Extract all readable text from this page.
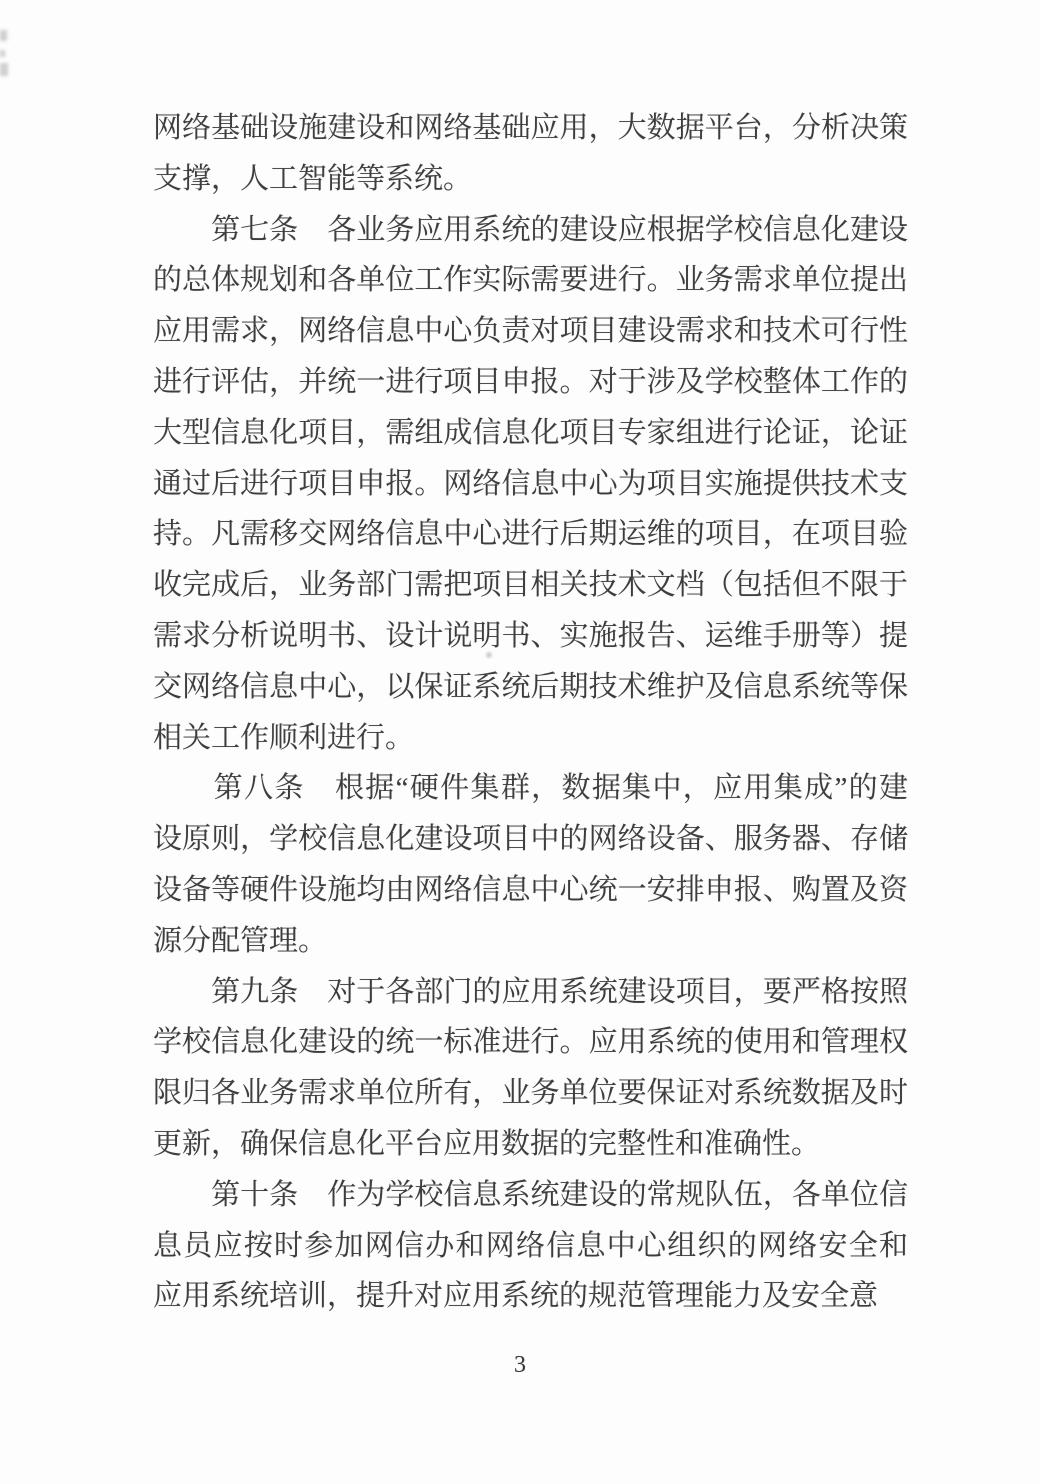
网络基础设施建设和网络基础应用，大数据平台，分析决策
支撑，人工智能等系统。
　　第七条　各业务应用系统的建设应根据学校信息化建设
的总体规划和各单位工作实际需要进行。业务需求单位提出
应用需求，网络信息中心负责对项目建设需求和技术可行性
进行评估，并统一进行项目申报。对于涉及学校整体工作的
大型信息化项目，需组成信息化项目专家组进行论证，论证
通过后进行项目申报。网络信息中心为项目实施提供技术支
持。凡需移交网络信息中心进行后期运维的项目，在项目验
收完成后，业务部门需把项目相关技术文档（包括但不限于
需求分析说明书、设计说明书、实施报告、运维手册等）提
交网络信息中心，以保证系统后期技术维护及信息系统等保
相关工作顺利进行。
　　第八条　根据“硬件集群，数据集中，应用集成”的建
设原则，学校信息化建设项目中的网络设备、服务器、存储
设备等硬件设施均由网络信息中心统一安排申报、购置及资
源分配管理。
　　第九条　对于各部门的应用系统建设项目，要严格按照
学校信息化建设的统一标准进行。应用系统的使用和管理权
限归各业务需求单位所有，业务单位要保证对系统数据及时
更新，确保信息化平台应用数据的完整性和准确性。
　　第十条　作为学校信息系统建设的常规队伍，各单位信
息员应按时参加网信办和网络信息中心组织的网络安全和
应用系统培训，提升对应用系统的规范管理能力及安全意
3
